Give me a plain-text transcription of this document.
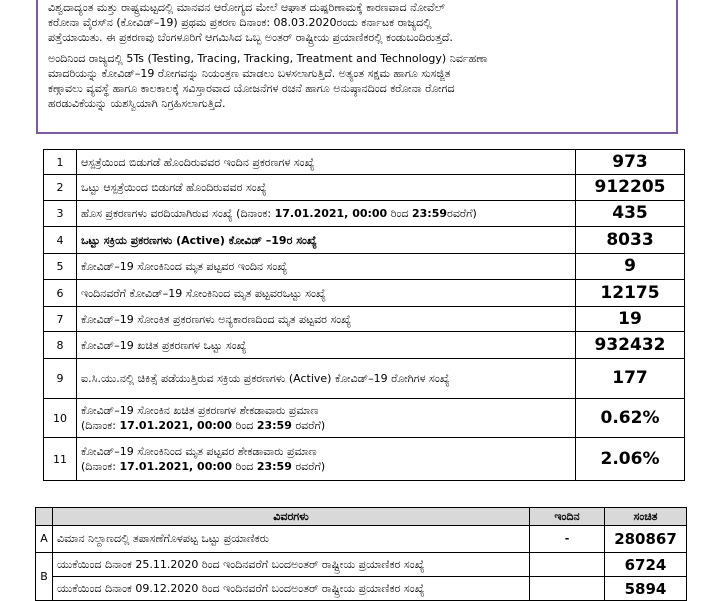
ವಿಶ್ವದಾದ್ಯಂತ ಮತ್ತು ರಾಷ್ಟ್ರಮಟ್ಟದಲ್ಲಿ ಮಾನವನ ಆರೋಗ್ಯದ ಮೇಲೆ ಆಘಾತ ದುಷ್ಪರಿಣಾಮಕ್ಕೆ ಕಾರಣವಾದ ನೋವೆಲ್

ಕರೋನಾ ವೈರಸ್‌ನ (ಕೋವಿಡ್–19) ಪ್ರಥಮ ಪ್ರಕರಣ ದಿನಾಂಕ: 08.03.2020ರಂದು ಕರ್ನಾಟಕ ರಾಜ್ಯದಲ್ಲಿ

ಪತ್ತೆಯಾಯಿತು. ಈ ಪ್ರಕರಣವು ಬೆಂಗಳೂರಿಗೆ ಆಗಮಿಸಿದ ಒಬ್ಬ ಅಂತರ್ ರಾಷ್ಟ್ರೀಯ ಪ್ರಯಾಣಿಕರಲ್ಲಿ ಕಂಡುಬಂದಿರುತ್ತದೆ.

ಅಂದಿನಿಂದ ರಾಜ್ಯದಲ್ಲಿ 5Ts (Testing, Tracing, Tracking, Treatment and Technology) ನಿರ್ವಹಣಾ

ಮಾದರಿಯನ್ನು ಕೋವಿಡ್–19 ರೋಗವನ್ನು ನಿಯಂತ್ರಣ ಮಾಡಲು ಬಳಸಲಾಗುತ್ತಿದೆ. ಅತ್ಯಂತ ಸಕ್ಷಮ ಹಾಗೂ ಸುಸಜ್ಜಿತ

ಕಣ್ಗಾವಲು ವ್ಯವಸ್ಥೆ ಹಾಗೂ ಕಾಲಕಾಲಕ್ಕೆ ಸವಿಸ್ತಾರವಾದ ಯೋಜನೆಗಳ ರಚನೆ ಹಾಗೂ ಅನುಷ್ಠಾನದಿಂದ ಕರೋನಾ ರೋಗದ

ಹರಡುವಿಕೆಯನ್ನು ಯಶಸ್ವಿಯಾಗಿ ನಿಗ್ರಹಿಸಲಾಗುತ್ತಿದೆ.

1	ಆಸ್ಪತ್ರೆಯಿಂದ ಬಿಡುಗಡೆ ಹೊಂದಿರುವವರ ಇಂದಿನ ಪ್ರಕರಣಗಳ ಸಂಖ್ಯೆ	973
2	ಒಟ್ಟು ಆಸ್ಪತ್ರೆಯಿಂದ ಬಿಡುಗಡೆ ಹೊಂದಿರುವವರ ಸಂಖ್ಯೆ	912205
3	ಹೊಸ ಪ್ರಕರಣಗಳು ವರದಿಯಾಗಿರುವ ಸಂಖ್ಯೆ (ದಿನಾಂಕ: 17.01.2021, 00:00 ರಿಂದ 23:59ರವರೆಗೆ)	435
4	ಒಟ್ಟು ಸಕ್ರಿಯ ಪ್ರಕರಣಗಳು (Active) ಕೋವಿಡ್ –19ರ ಸಂಖ್ಯೆ	8033
5	ಕೋವಿಡ್–19 ಸೋಂಕಿನಿಂದ ಮೃತ ಪಟ್ಟವರ ಇಂದಿನ ಸಂಖ್ಯೆ	9
6	ಇಂದಿನವರೆಗೆ ಕೋವಿಡ್–19 ಸೋಂಕಿನಿಂದ ಮೃತ ಪಟ್ಟವರಒಟ್ಟು ಸಂಖ್ಯೆ	12175
7	ಕೋವಿಡ್–19 ಸೋಂಕಿತ ಪ್ರಕರಣಗಳು ಅನ್ಯಕಾರಣದಿಂದ ಮೃತ ಪಟ್ಟವರ ಸಂಖ್ಯೆ	19
8	ಕೋವಿಡ್–19 ಖಚಿತ ಪ್ರಕರಣಗಳ ಒಟ್ಟು ಸಂಖ್ಯೆ	932432
9	ಐ.ಸಿ.ಯು.ನಲ್ಲಿ ಚಿಕಿತ್ಸೆ ಪಡೆಯುತ್ತಿರುವ ಸಕ್ರಿಯ ಪ್ರಕರಣಗಳು (Active) ಕೋವಿಡ್–19 ರೋಗಿಗಳ ಸಂಖ್ಯೆ	177
10	ಕೋವಿಡ್–19 ಸೋಂಕಿನ ಖಚಿತ ಪ್ರಕರಣಗಳ ಶೇಕಡಾವಾರು ಪ್ರಮಾಣ
(ದಿನಾಂಕ: 17.01.2021, 00:00 ರಿಂದ 23:59 ರವರೆಗೆ)	0.62%
11	ಕೋವಿಡ್–19 ಸೋಂಕಿನಿಂದ ಮೃತ ಪಟ್ಟವರ ಶೇಕಡಾವಾರು ಪ್ರಮಾಣ
(ದಿನಾಂಕ: 17.01.2021, 00:00 ರಿಂದ 23:59 ರವರೆಗೆ)	2.06%
	ವಿವರಗಳು	ಇಂದಿನ	ಸಂಚಿತ
A	ವಿಮಾನ ನಿಲ್ದಾಣದಲ್ಲಿ ತಪಾಸಣೆಗೊಳಪಟ್ಟ ಒಟ್ಟು ಪ್ರಯಾಣಿಕರು	-	280867
B	ಯುಕೆಯಿಂದ ದಿನಾಂಕ 25.11.2020 ರಿಂದ ಇಂದಿನವರೆಗೆ ಬಂದಅಂತರ್ ರಾಷ್ಟ್ರೀಯ ಪ್ರಯಾಣಿಕರ ಸಂಖ್ಯೆ		6724
	ಯುಕೆಯಿಂದ ದಿನಾಂಕ 09.12.2020 ರಿಂದ ಇಂದಿನವರೆಗೆ ಬಂದಅಂತರ್ ರಾಷ್ಟ್ರೀಯ ಪ್ರಯಾಣಿಕರ ಸಂಖ್ಯೆ		5894
